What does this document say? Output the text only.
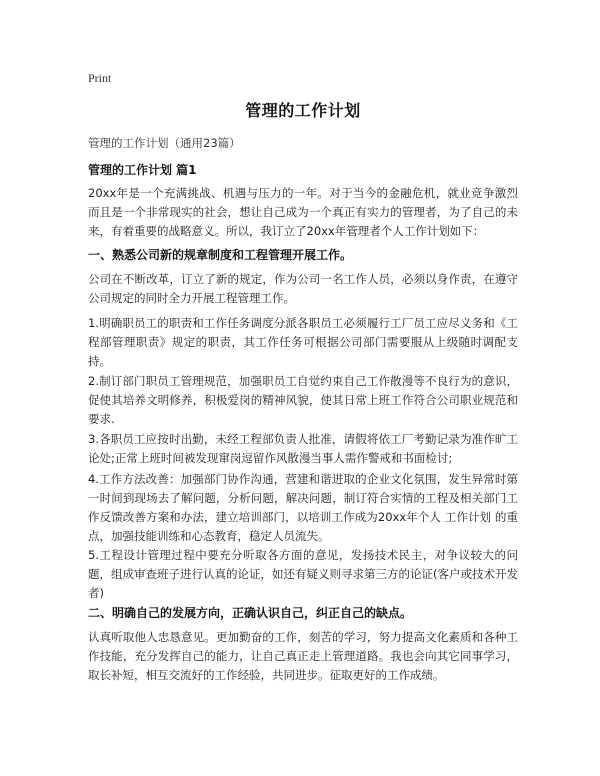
Print
管理的工作计划
管理的工作计划（通用23篇）
管理的工作计划 篇1
20xx年是一个充满挑战、机遇与压力的一年。对于当今的金融危机，就业竞争激烈而且是一个非常现实的社会，想让自己成为一个真正有实力的管理者，为了自己的未来，有着重要的战略意义。所以，我订立了20xx年管理者个人工作计划如下：
一、熟悉公司新的规章制度和工程管理开展工作。
公司在不断改革，订立了新的规定，作为公司一名工作人员，必须以身作责，在遵守公司规定的同时全力开展工程管理工作。
1.明确职员工的职责和工作任务调度分派各职员工必须履行工厂员工应尽义务和《工程部管理职责》规定的职责，其工作任务可根据公司部门需要服从上级随时调配支持。
2.制订部门职员工管理规范，加强职员工自觉约束自己工作散漫等不良行为的意识，促使其培养文明修养，积极爱岗的精神风貌，使其日常上班工作符合公司职业规范和要求.
3.各职员工应按时出勤，未经工程部负责人批准，请假将依工厂考勤记录为准作旷工论处;正常上班时间被发现窜岗逗留作风散漫当事人需作警戒和书面检讨;
4.工作方法改善：加强部门协作沟通，营建和谐进取的企业文化氛围，发生异常时第一时间到现场去了解问题，分析问题，解决问题，制订符合实情的工程及相关部门工作反馈改善方案和办法，建立培训部门，以培训工作成为20xx年个人 工作计划 的重点，加强技能训练和心态教育，稳定人员流失。
5.工程设计管理过程中要充分听取各方面的意见，发扬技术民主，对争议较大的问题，组成审查班子进行认真的论证，如还有疑义则寻求第三方的论证(客户或技术开发者)
二、明确自己的发展方向，正确认识自己，纠正自己的缺点。
认真听取他人忠恳意见。更加勤奋的工作，刻苦的学习，努力提高文化素质和各种工作技能，充分发挥自己的能力，让自己真正走上管理道路。我也会向其它同事学习，取长补短，相互交流好的工作经验，共同进步。征取更好的工作成绩。
